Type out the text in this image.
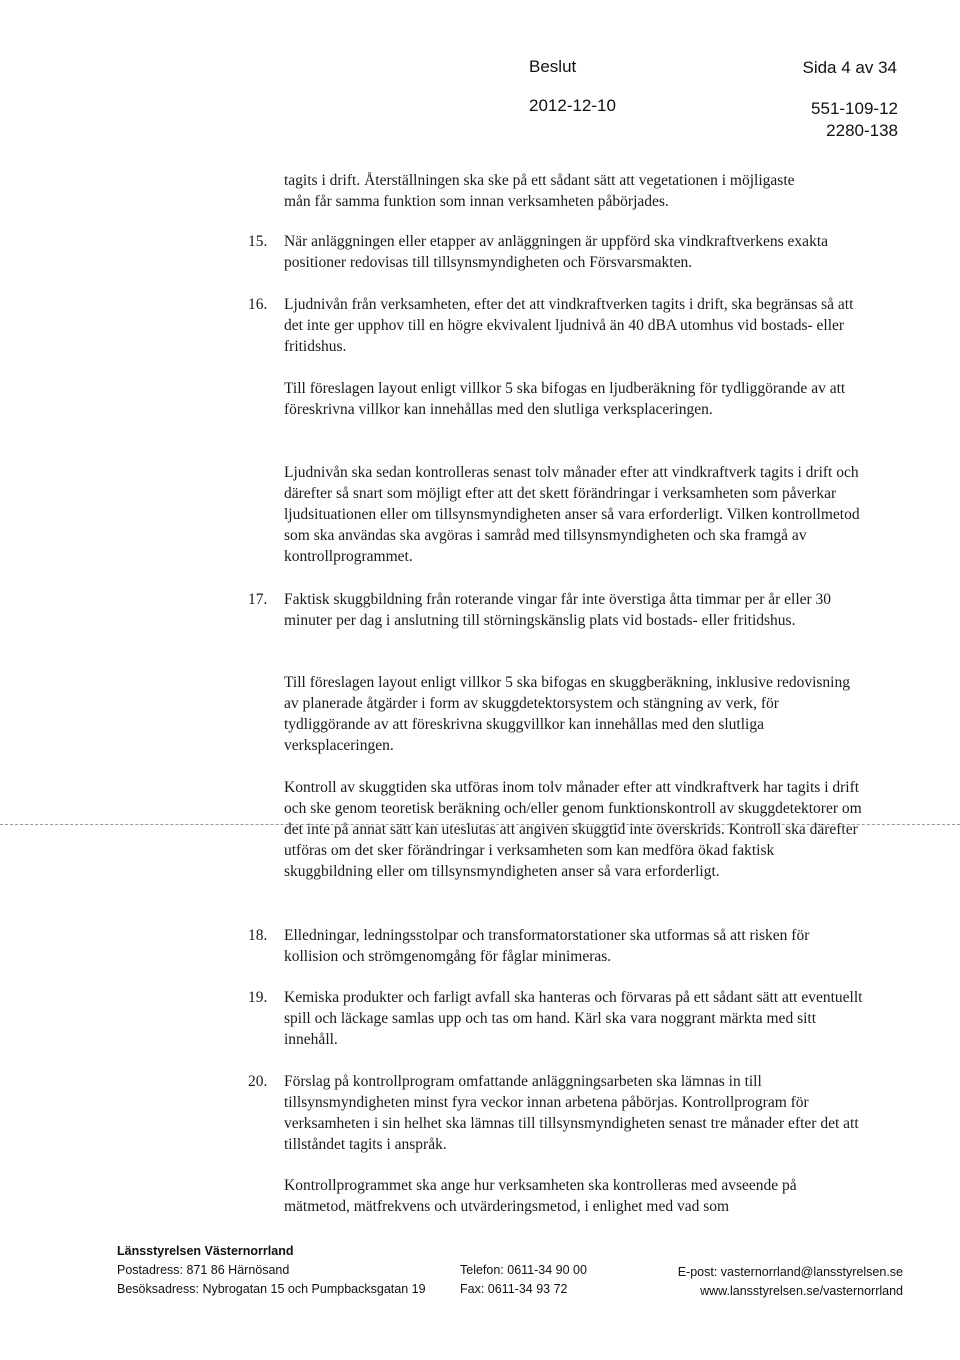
Beslut	Sida 4 av 34
2012-12-10	551-109-12
2280-138
tagits i drift. Återställningen ska ske på ett sådant sätt att vegetationen i möjligaste mån får samma funktion som innan verksamheten påbörjades.
15.	När anläggningen eller etapper av anläggningen är uppförd ska vindkraftverkens exakta positioner redovisas till tillsynsmyndigheten och Försvarsmakten.
16.	Ljudnivån från verksamheten, efter det att vindkraftverken tagits i drift, ska begränsas så att det inte ger upphov till en högre ekvivalent ljudnivå än 40 dBA utomhus vid bostads- eller fritidshus.
Till föreslagen layout enligt villkor 5 ska bifogas en ljudberäkning för tydliggörande av att föreskrivna villkor kan innehållas med den slutliga verksplaceringen.
Ljudnivån ska sedan kontrolleras senast tolv månader efter att vindkraftverk tagits i drift och därefter så snart som möjligt efter att det skett förändringar i verksamheten som påverkar ljudsituationen eller om tillsynsmyndigheten anser så vara erforderligt. Vilken kontrollmetod som ska användas ska avgöras i samråd med tillsynsmyndigheten och ska framgå av kontrollprogrammet.
17.	Faktisk skuggbildning från roterande vingar får inte överstiga åtta timmar per år eller 30 minuter per dag i anslutning till störningskänslig plats vid bostads- eller fritidshus.
Till föreslagen layout enligt villkor 5 ska bifogas en skuggberäkning, inklusive redovisning av planerade åtgärder i form av skuggdetektorsystem och stängning av verk, för tydliggörande av att föreskrivna skuggvillkor kan innehållas med den slutliga verksplaceringen.
Kontroll av skuggtiden ska utföras inom tolv månader efter att vindkraftverk har tagits i drift och ske genom teoretisk beräkning och/eller genom funktionskontroll av skuggdetektorer om det inte på annat sätt kan uteslutas att angiven skuggtid inte överskrids. Kontroll ska därefter utföras om det sker förändringar i verksamheten som kan medföra ökad faktisk skuggbildning eller om tillsynsmyndigheten anser så vara erforderligt.
18.	Elledningar, ledningsstolpar och transformatorstationer ska utformas så att risken för kollision och strömgenomgång för fåglar minimeras.
19.	Kemiska produkter och farligt avfall ska hanteras och förvaras på ett sådant sätt att eventuellt spill och läckage samlas upp och tas om hand. Kärl ska vara noggrant märkta med sitt innehåll.
20.	Förslag på kontrollprogram omfattande anläggningsarbeten ska lämnas in till tillsynsmyndigheten minst fyra veckor innan arbetena påbörjas. Kontrollprogram för verksamheten i sin helhet ska lämnas till tillsynsmyndigheten senast tre månader efter det att tillståndet tagits i anspråk.
Kontrollprogrammet ska ange hur verksamheten ska kontrolleras med avseende på mätmetod, mätfrekvens och utvärderingsmetod, i enlighet med vad som
Länsstyrelsen Västernorrland
Postadress: 871 86 Härnösand
Besöksadress: Nybrogatan 15 och Pumpbacksgatan 19
Telefon: 0611-34 90 00
Fax: 0611-34 93 72
E-post: vasternorrland@lansstyrelsen.se
www.lansstyrelsen.se/vasternorrland
